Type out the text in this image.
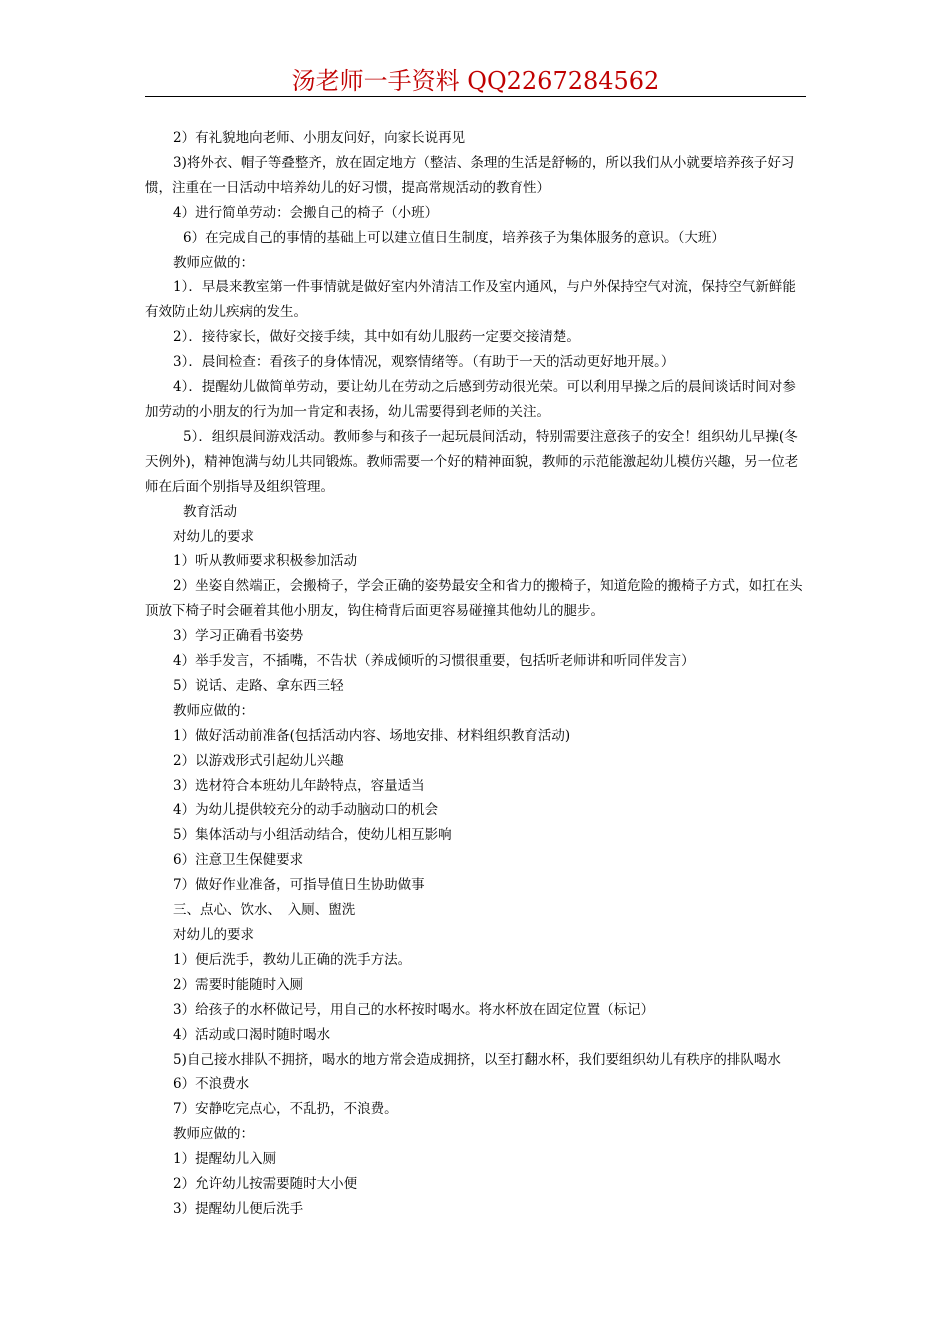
汤老师一手资料 QQ2267284562

2）有礼貌地向老师、小朋友问好，向家长说再见

3)将外衣、帽子等叠整齐，放在固定地方（整洁、条理的生活是舒畅的，所以我们从小就要培养孩子好习惯，注重在一日活动中培养幼儿的好习惯，提高常规活动的教育性）

4）进行简单劳动：会搬自己的椅子（小班）

6）在完成自己的事情的基础上可以建立值日生制度，培养孩子为集体服务的意识。（大班）

教师应做的：

1）．早晨来教室第一件事情就是做好室内外清洁工作及室内通风，与户外保持空气对流，保持空气新鲜能有效防止幼儿疾病的发生。

2）．接待家长，做好交接手续，其中如有幼儿服药一定要交接清楚。

3）．晨间检查：看孩子的身体情况，观察情绪等。（有助于一天的活动更好地开展。）

4）．提醒幼儿做简单劳动，要让幼儿在劳动之后感到劳动很光荣。可以利用早操之后的晨间谈话时间对参加劳动的小朋友的行为加一肯定和表扬，幼儿需要得到老师的关注。

5）．组织晨间游戏活动。教师参与和孩子一起玩晨间活动，特别需要注意孩子的安全！组织幼儿早操(冬天例外)，精神饱满与幼儿共同锻炼。教师需要一个好的精神面貌，教师的示范能激起幼儿模仿兴趣，另一位老师在后面个别指导及组织管理。

教育活动

对幼儿的要求

1）听从教师要求积极参加活动

2）坐姿自然端正，会搬椅子，学会正确的姿势最安全和省力的搬椅子，知道危险的搬椅子方式，如扛在头顶放下椅子时会砸着其他小朋友，钩住椅背后面更容易碰撞其他幼儿的腿步。

3）学习正确看书姿势

4）举手发言，不插嘴，不告状（养成倾听的习惯很重要，包括听老师讲和听同伴发言）

5）说话、走路、拿东西三轻

教师应做的：

1）做好活动前准备(包括活动内容、场地安排、材料组织教育活动)

2）以游戏形式引起幼儿兴趣

3）选材符合本班幼儿年龄特点，容量适当

4）为幼儿提供较充分的动手动脑动口的机会

5）集体活动与小组活动结合，使幼儿相互影响

6）注意卫生保健要求

7）做好作业准备，可指导值日生协助做事

三、点心、饮水、　入厕、盥洗

对幼儿的要求

1）便后洗手，教幼儿正确的洗手方法。

2）需要时能随时入厕

3）给孩子的水杯做记号，用自己的水杯按时喝水。将水杯放在固定位置（标记）

4）活动或口渴时随时喝水

5)自己接水排队不拥挤，喝水的地方常会造成拥挤，以至打翻水杯，我们要组织幼儿有秩序的排队喝水

6）不浪费水

7）安静吃完点心，不乱扔，不浪费。

教师应做的：

1）提醒幼儿入厕

2）允许幼儿按需要随时大小便

3）提醒幼儿便后洗手
